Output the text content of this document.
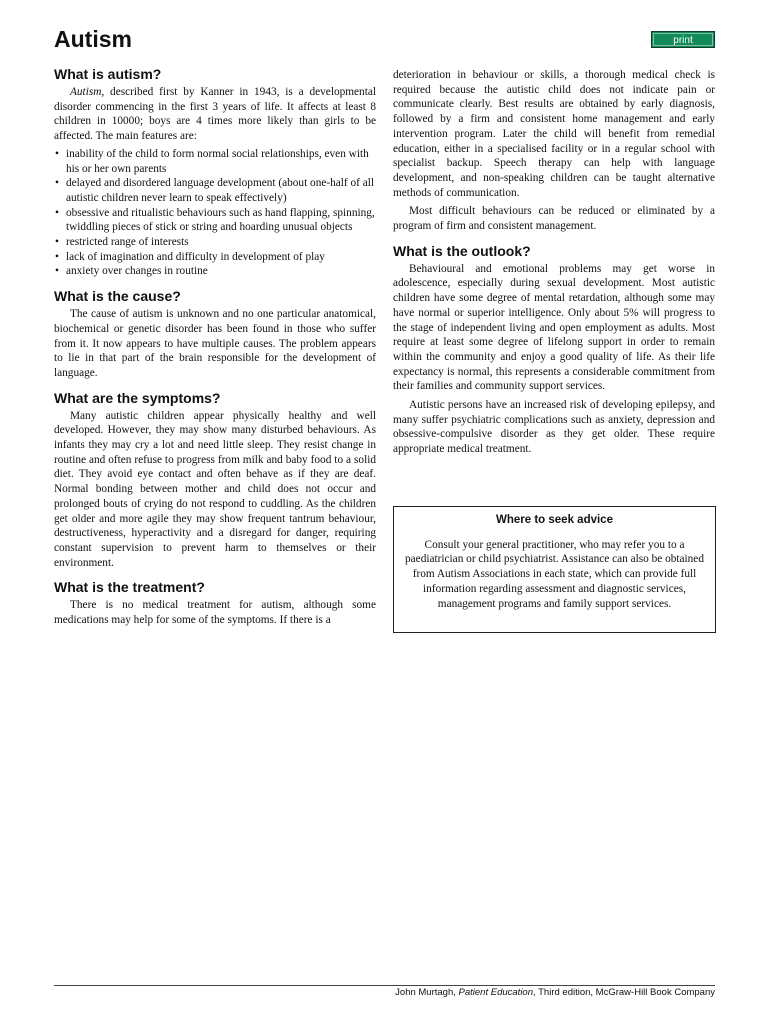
Autism	print
What is autism?

Autism, described first by Kanner in 1943, is a developmental disorder commencing in the first 3 years of life. It affects at least 8 children in 10000; boys are 4 times more likely than girls to be affected. The main features are:

• inability of the child to form normal social relationships, even with his or her own parents
• delayed and disordered language development (about one-half of all autistic children never learn to speak effectively)
• obsessive and ritualistic behaviours such as hand flapping, spinning, twiddling pieces of stick or string and hoarding unusual objects
• restricted range of interests
• lack of imagination and difficulty in development of play
• anxiety over changes in routine
What is the cause?

The cause of autism is unknown and no one particular anatomical, biochemical or genetic disorder has been found in those who suffer from it. It now appears to have multiple causes. The problem appears to lie in that part of the brain responsible for the development of language.

What are the symptoms?

Many autistic children appear physically healthy and well developed. However, they may show many disturbed behaviours. As infants they may cry a lot and need little sleep. They resist change in routine and often refuse to progress from milk and baby food to a solid diet. They avoid eye contact and often behave as if they are deaf. Normal bonding between mother and child does not occur and prolonged bouts of crying do not respond to cuddling. As the children get older and more agile they may show frequent tantrum behaviour, destructiveness, hyperactivity and a disregard for danger, requiring constant supervision to prevent harm to themselves or their environment.

What is the treatment?

There is no medical treatment for autism, although some medications may help for some of the symptoms. If there is a

deterioration in behaviour or skills, a thorough medical check is required because the autistic child does not indicate pain or communicate clearly. Best results are obtained by early diagnosis, followed by a firm and consistent home management and early intervention program. Later the child will benefit from remedial education, either in a specialised facility or in a regular school with specialist backup. Speech therapy can help with language development, and non-speaking children can be taught alternative methods of communication.

Most difficult behaviours can be reduced or eliminated by a program of firm and consistent management.

What is the outlook?

Behavioural and emotional problems may get worse in adolescence, especially during sexual development. Most autistic children have some degree of mental retardation, although some may have normal or superior intelligence. Only about 5% will progress to the stage of independent living and open employment as adults. Most require at least some degree of lifelong support in order to remain within the community and enjoy a good quality of life. As their life expectancy is normal, this represents a considerable commitment from their families and community support services.

Autistic persons have an increased risk of developing epilepsy, and many suffer psychiatric complications such as anxiety, depression and obsessive-compulsive disorder as they get older. These require appropriate medical treatment.

Where to seek advice
Consult your general practitioner, who may refer you to a paediatrician or child psychiatrist. Assistance can also be obtained from Autism Associations in each state, which can provide full information regarding assessment and diagnostic services, management programs and family support services.
John Murtagh, Patient Education, Third edition, McGraw-Hill Book Company
